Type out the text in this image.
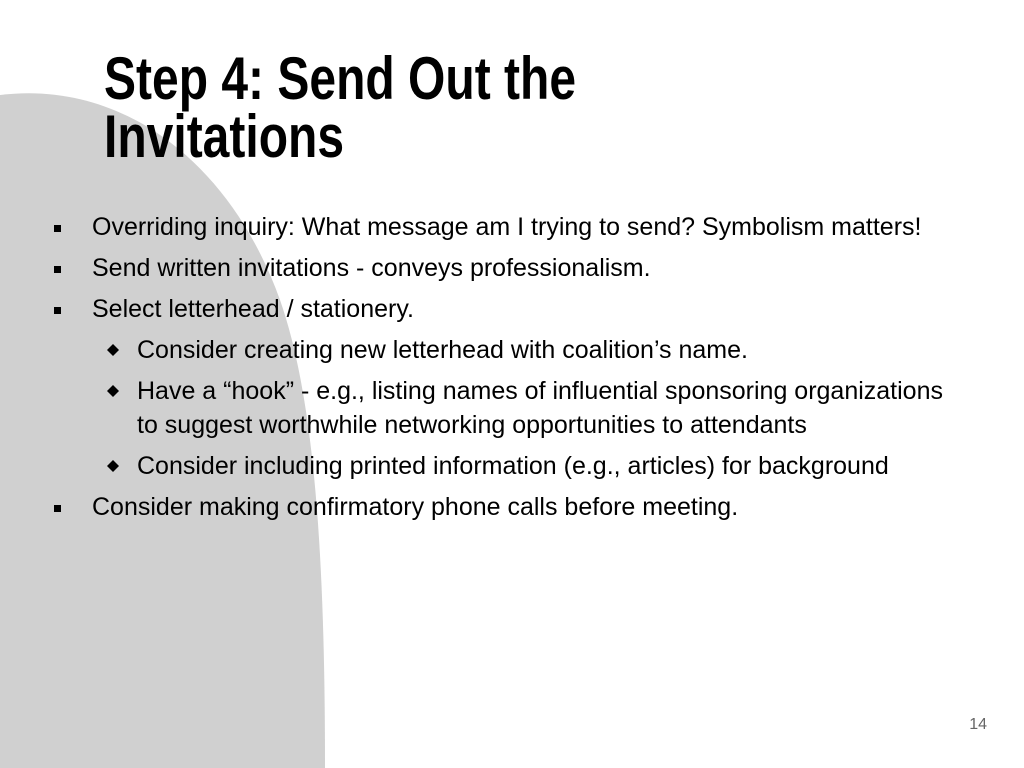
Step 4: Send Out the
Invitations
Overriding inquiry: What message am I trying to send? Symbolism matters!
Send written invitations - conveys professionalism.
Select letterhead / stationery.
Consider creating new letterhead with coalition’s name.
Have a “hook” - e.g., listing names of influential sponsoring organizations to suggest worthwhile networking opportunities to attendants
Consider including printed information (e.g., articles) for background
Consider making confirmatory phone calls before meeting.
14
